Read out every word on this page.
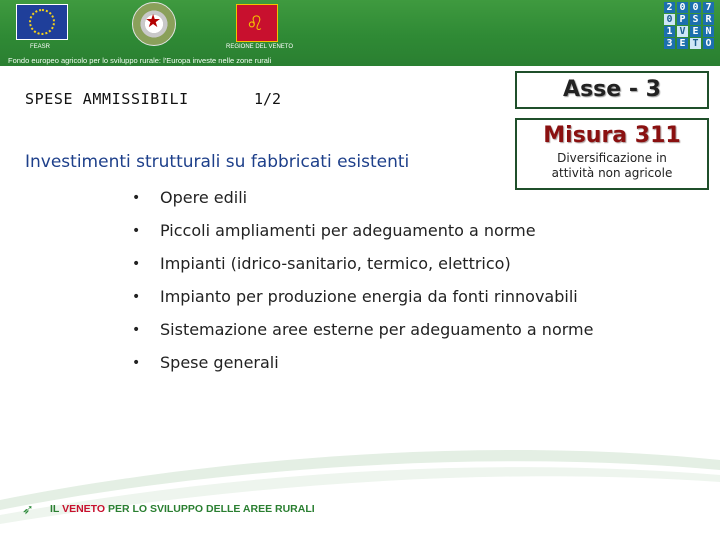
FEASR
★	♌
REGIONE DEL VENETO
Fondo europeo agricolo per lo sviluppo rurale: l'Europa investe nelle zone rurali
2 0 0 7
0 P S R
1 V E N
3 E T O
SPESE AMMISSIBILI	1/2	Asse - 3
Misura 311
Diversificazione in
attività non agricole
Investimenti strutturali su fabbricati esistenti
• Opere edili
• Piccoli ampliamenti per adeguamento a norme
• Impianti (idrico-sanitario, termico, elettrico)
• Impianto per produzione energia da fonti rinnovabili
• Sistemazione aree esterne per adeguamento a norme
• Spese generali
➶ IL VENETO PER LO SVILUPPO DELLE AREE RURALI
